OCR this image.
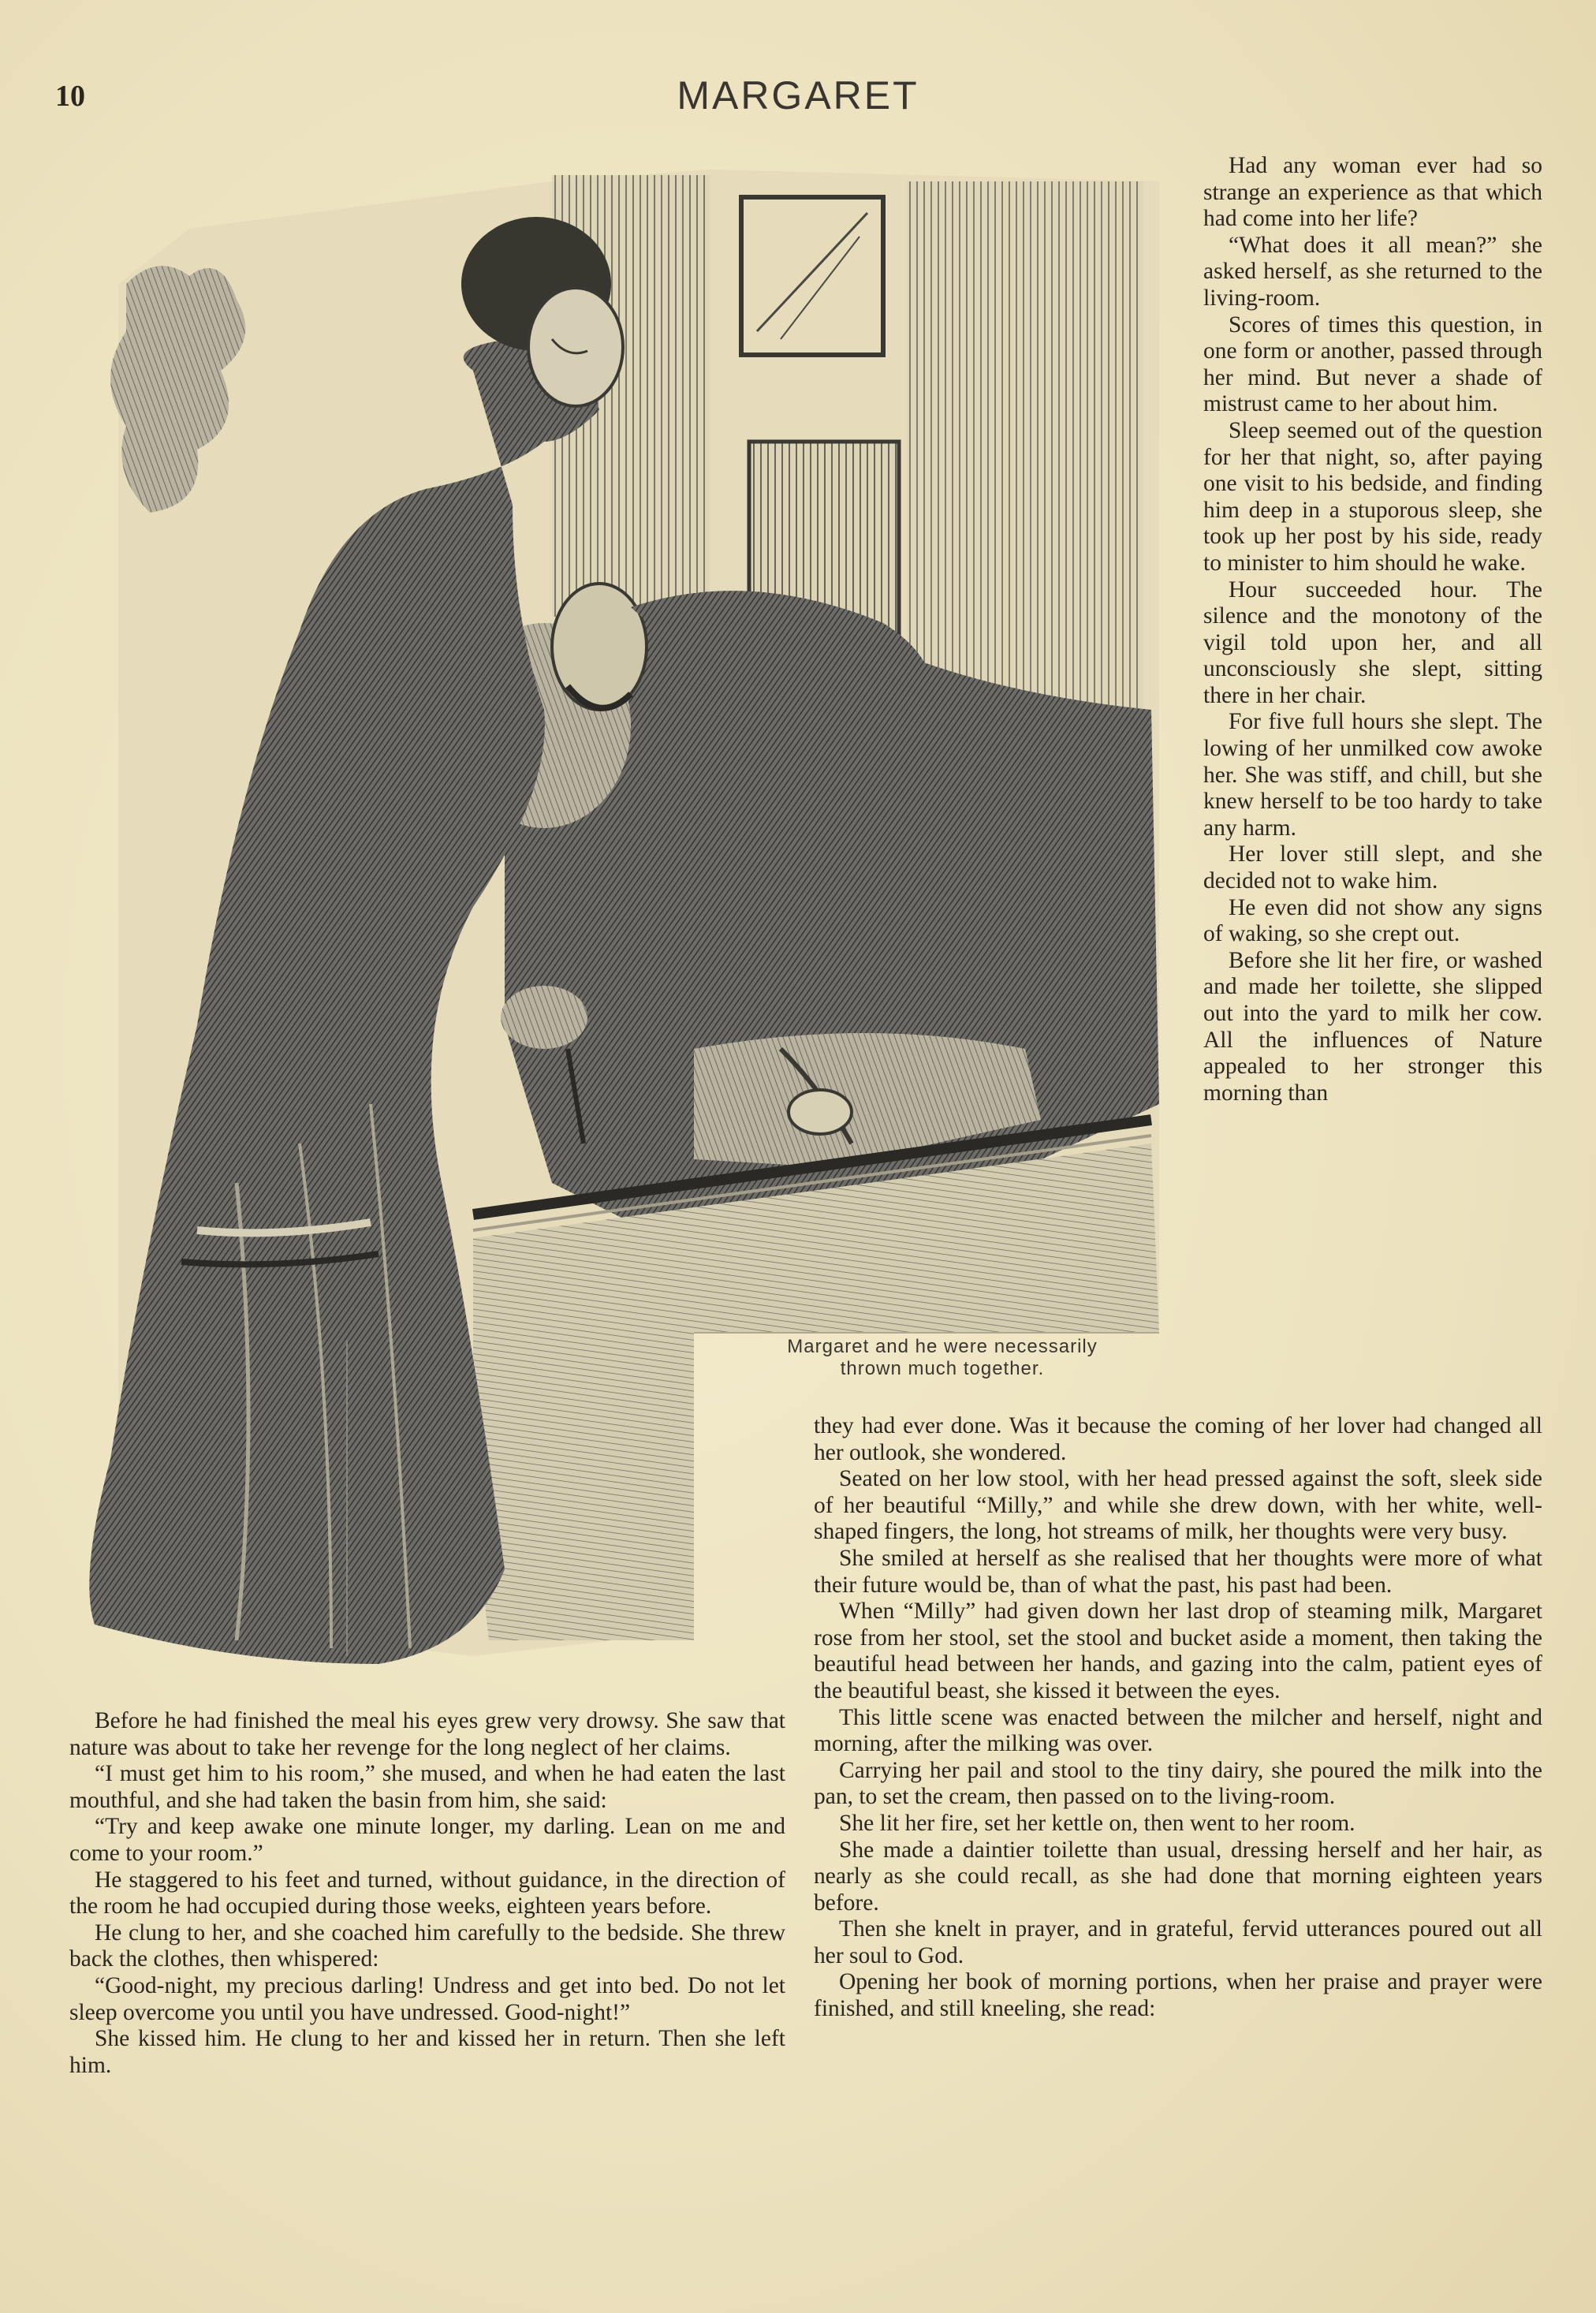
10	MARGARET
Margaret and he were necessarily
thrown much together.

Had any woman ever had so strange an experience as that which had come into her life?

“What does it all mean?” she asked herself, as she returned to the living-room.

Scores of times this question, in one form or another, passed through her mind. But never a shade of mistrust came to her about him.

Sleep seemed out of the question for her that night, so, after paying one visit to his bedside, and finding him deep in a stuporous sleep, she took up her post by his side, ready to minister to him should he wake.

Hour succeeded hour. The silence and the monotony of the vigil told upon her, and all unconsciously she slept, sitting there in her chair.

For five full hours she slept. The lowing of her unmilked cow awoke her. She was stiff, and chill, but she knew herself to be too hardy to take any harm.

Her lover still slept, and she decided not to wake him.

He even did not show any signs of waking, so she crept out.

Before she lit her fire, or washed and made her toilette, she slipped out into the yard to milk her cow. All the influences of Nature appealed to her stronger this morning than

they had ever done. Was it because the coming of her lover had changed all her outlook, she wondered.

Seated on her low stool, with her head pressed against the soft, sleek side of her beautiful “Milly,” and while she drew down, with her white, well-shaped fingers, the long, hot streams of milk, her thoughts were very busy.

She smiled at herself as she realised that her thoughts were more of what their future would be, than of what the past, his past had been.

When “Milly” had given down her last drop of steaming milk, Margaret rose from her stool, set the stool and bucket aside a moment, then taking the beautiful head between her hands, and gazing into the calm, patient eyes of the beautiful beast, she kissed it between the eyes.

This little scene was enacted between the milcher and herself, night and morning, after the milking was over.

Carrying her pail and stool to the tiny dairy, she poured the milk into the pan, to set the cream, then passed on to the living-room.

She lit her fire, set her kettle on, then went to her room.

She made a daintier toilette than usual, dressing herself and her hair, as nearly as she could recall, as she had done that morning eighteen years before.

Then she knelt in prayer, and in grateful, fervid utterances poured out all her soul to God.

Opening her book of morning portions, when her praise and prayer were finished, and still kneeling, she read:

Before he had finished the meal his eyes grew very drowsy. She saw that nature was about to take her revenge for the long neglect of her claims.

“I must get him to his room,” she mused, and when he had eaten the last mouthful, and she had taken the basin from him, she said:

“Try and keep awake one minute longer, my darling. Lean on me and come to your room.”

He staggered to his feet and turned, without guidance, in the direction of the room he had occupied during those weeks, eighteen years before.

He clung to her, and she coached him carefully to the bedside. She threw back the clothes, then whispered:

“Good-night, my precious darling! Undress and get into bed. Do not let sleep overcome you until you have undressed. Good-night!”

She kissed him. He clung to her and kissed her in return. Then she left him.
